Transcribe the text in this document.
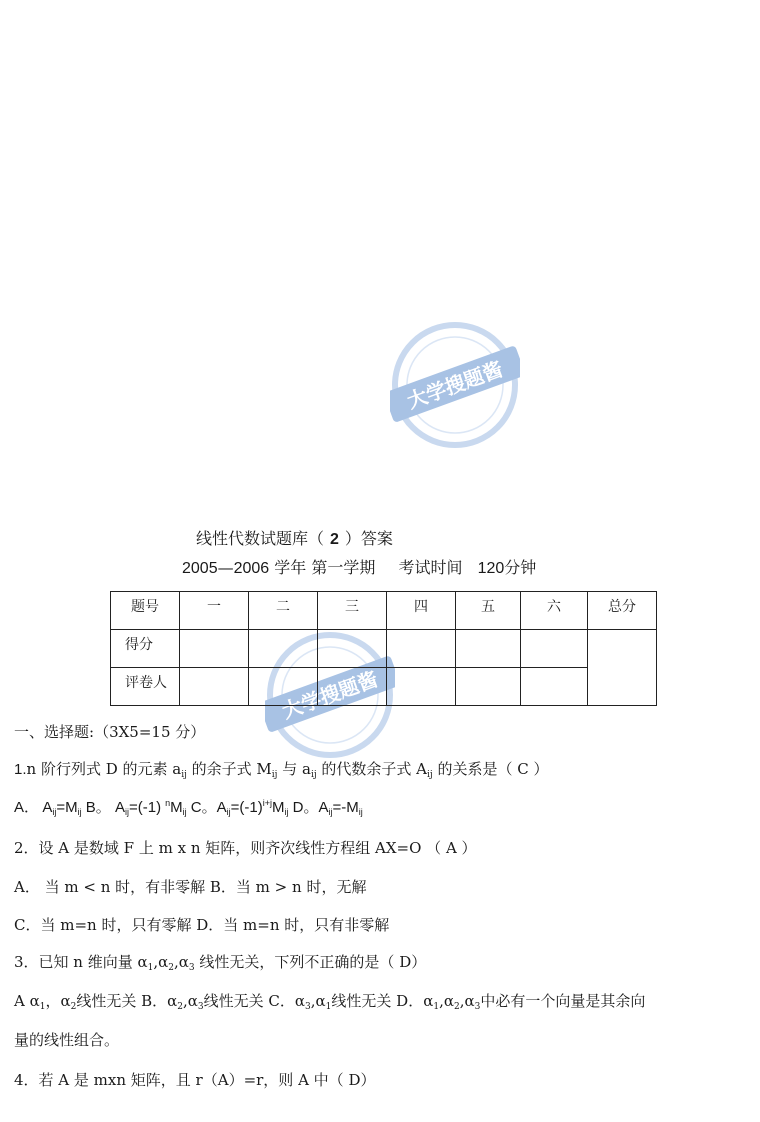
大学搜题酱
大学搜题酱
线性代数试题库（ 2 ）答案
2005—2006 学年 第一学期 考试时间 120分钟
题号	一	二	三	四	五	六	总分
得分							
评卷人							
一、选择题:（3X5=15 分）
1.n 阶行列式 D 的元素 $a_{ij}$ 的余子式 $M_{ij}$ 与 $a_{ij}$ 的代数余子式 $A_{ij}$ 的关系是（ C ）
A． $A_{ij}=M_{ij}$ B。 $A_{ij}=(-1)$ $^nM_{ij}$ C。$A_{ij}=(-1)^{i+j}M_{ij}$ D。$A_{ij}=-M_{ij}$
2．设 A 是数域 F 上 m x n 矩阵，则齐次线性方程组 AX=O （ A ）
A． 当 m < n 时，有非零解 B．当 m > n 时，无解
C．当 m=n 时，只有零解 D．当 m=n 时，只有非零解
3．已知 n 维向量 $\alpha_1,\alpha_2,\alpha_3$ 线性无关，下列不正确的是（ D）
A $\alpha_1$，$\alpha_2$线性无关 B．$\alpha_2,\alpha_3$线性无关 C．$\alpha_3,\alpha_1$线性无关 D．$\alpha_1,\alpha_2,\alpha_3$中必有一个向量是其余向
量的线性组合。
4．若 A 是 mxn 矩阵，且 r（A）=r，则 A 中（ D）
